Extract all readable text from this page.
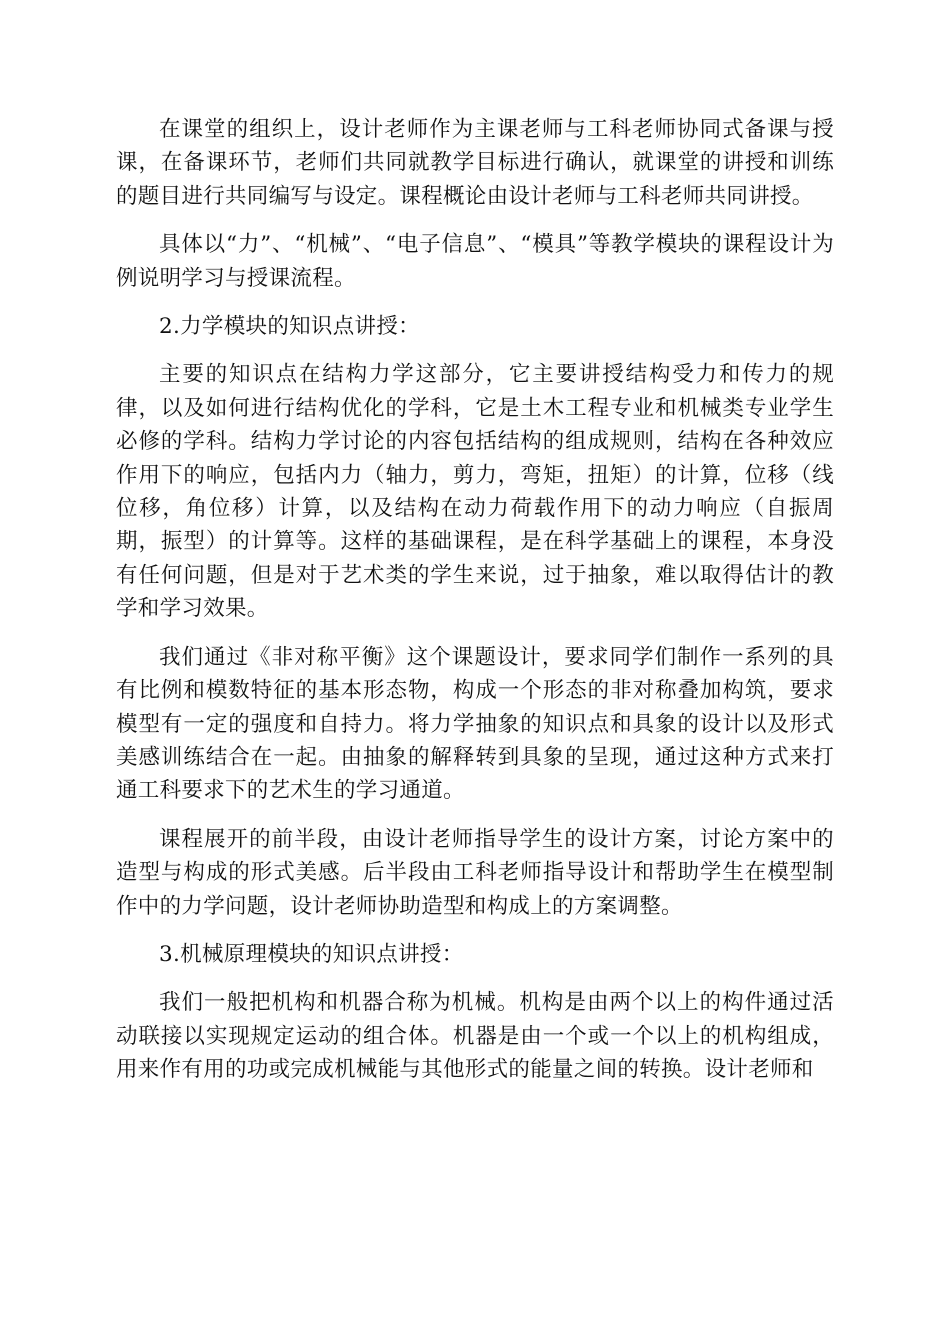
在课堂的组织上，设计老师作为主课老师与工科老师协同式备课与授课，在备课环节，老师们共同就教学目标进行确认，就课堂的讲授和训练的题目进行共同编写与设定。课程概论由设计老师与工科老师共同讲授。

具体以“力”、“机械”、“电子信息”、“模具”等教学模块的课程设计为例说明学习与授课流程。

2.力学模块的知识点讲授：

主要的知识点在结构力学这部分，它主要讲授结构受力和传力的规律，以及如何进行结构优化的学科，它是土木工程专业和机械类专业学生必修的学科。结构力学讨论的内容包括结构的组成规则，结构在各种效应作用下的响应，包括内力（轴力，剪力，弯矩，扭矩）的计算，位移（线位移，角位移）计算，以及结构在动力荷载作用下的动力响应（自振周期，振型）的计算等。这样的基础课程，是在科学基础上的课程，本身没有任何问题，但是对于艺术类的学生来说，过于抽象，难以取得估计的教学和学习效果。

我们通过《非对称平衡》这个课题设计，要求同学们制作一系列的具有比例和模数特征的基本形态物，构成一个形态的非对称叠加构筑，要求模型有一定的强度和自持力。将力学抽象的知识点和具象的设计以及形式美感训练结合在一起。由抽象的解释转到具象的呈现，通过这种方式来打通工科要求下的艺术生的学习通道。

课程展开的前半段，由设计老师指导学生的设计方案，讨论方案中的造型与构成的形式美感。后半段由工科老师指导设计和帮助学生在模型制作中的力学问题，设计老师协助造型和构成上的方案调整。

3.机械原理模块的知识点讲授：

我们一般把机构和机器合称为机械。机构是由两个以上的构件通过活动联接以实现规定运动的组合体。机器是由一个或一个以上的机构组成，用来作有用的功或完成机械能与其他形式的能量之间的转换。设计老师和
